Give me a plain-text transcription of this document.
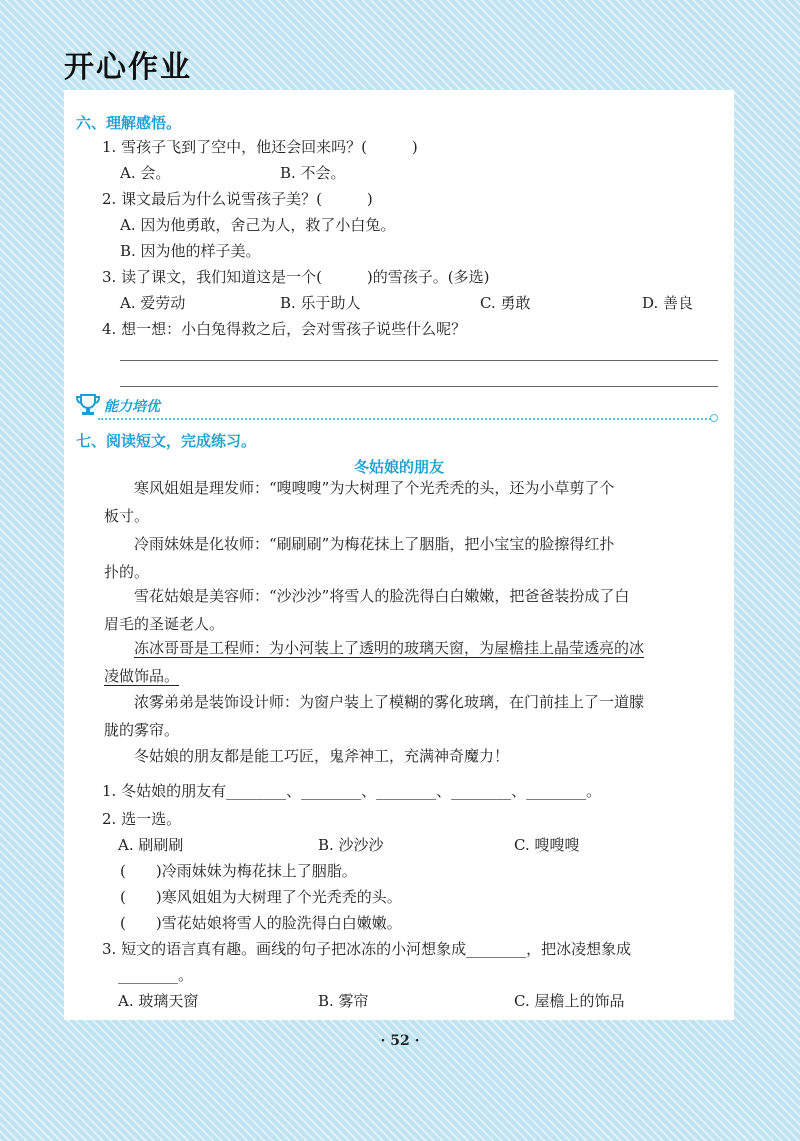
开心作业
六、理解感悟。
1. 雪孩子飞到了空中，他还会回来吗？(　　　)
A. 会。	B. 不会。
2. 课文最后为什么说雪孩子美？(　　　)
A. 因为他勇敢，舍己为人，救了小白兔。
B. 因为他的样子美。
3. 读了课文，我们知道这是一个(　　　)的雪孩子。(多选)
A. 爱劳动	B. 乐于助人	C. 勇敢	D. 善良
4. 想一想：小白兔得救之后，会对雪孩子说些什么呢？
能力培优
七、阅读短文，完成练习。
冬姑娘的朋友
寒风姐姐是理发师：“嗖嗖嗖”为大树理了个光秃秃的头，还为小草剪了个
板寸。
冷雨妹妹是化妆师：“刷刷刷”为梅花抹上了胭脂，把小宝宝的脸擦得红扑
扑的。
雪花姑娘是美容师：“沙沙沙”将雪人的脸洗得白白嫩嫩，把爸爸装扮成了白
眉毛的圣诞老人。
冻冰哥哥是工程师：为小河装上了透明的玻璃天窗，为屋檐挂上晶莹透亮的冰
凌做饰品。
浓雾弟弟是装饰设计师：为窗户装上了模糊的雾化玻璃，在门前挂上了一道朦
胧的雾帘。
冬姑娘的朋友都是能工巧匠，鬼斧神工，充满神奇魔力！
1. 冬姑娘的朋友有________、________、________、________、________。
2. 选一选。
A. 刷刷刷	B. 沙沙沙	C. 嗖嗖嗖
(　　)冷雨妹妹为梅花抹上了胭脂。
(　　)寒风姐姐为大树理了个光秃秃的头。
(　　)雪花姑娘将雪人的脸洗得白白嫩嫩。
3. 短文的语言真有趣。画线的句子把冰冻的小河想象成________，把冰凌想象成
________。
A. 玻璃天窗	B. 雾帘	C. 屋檐上的饰品
· 52 ·
